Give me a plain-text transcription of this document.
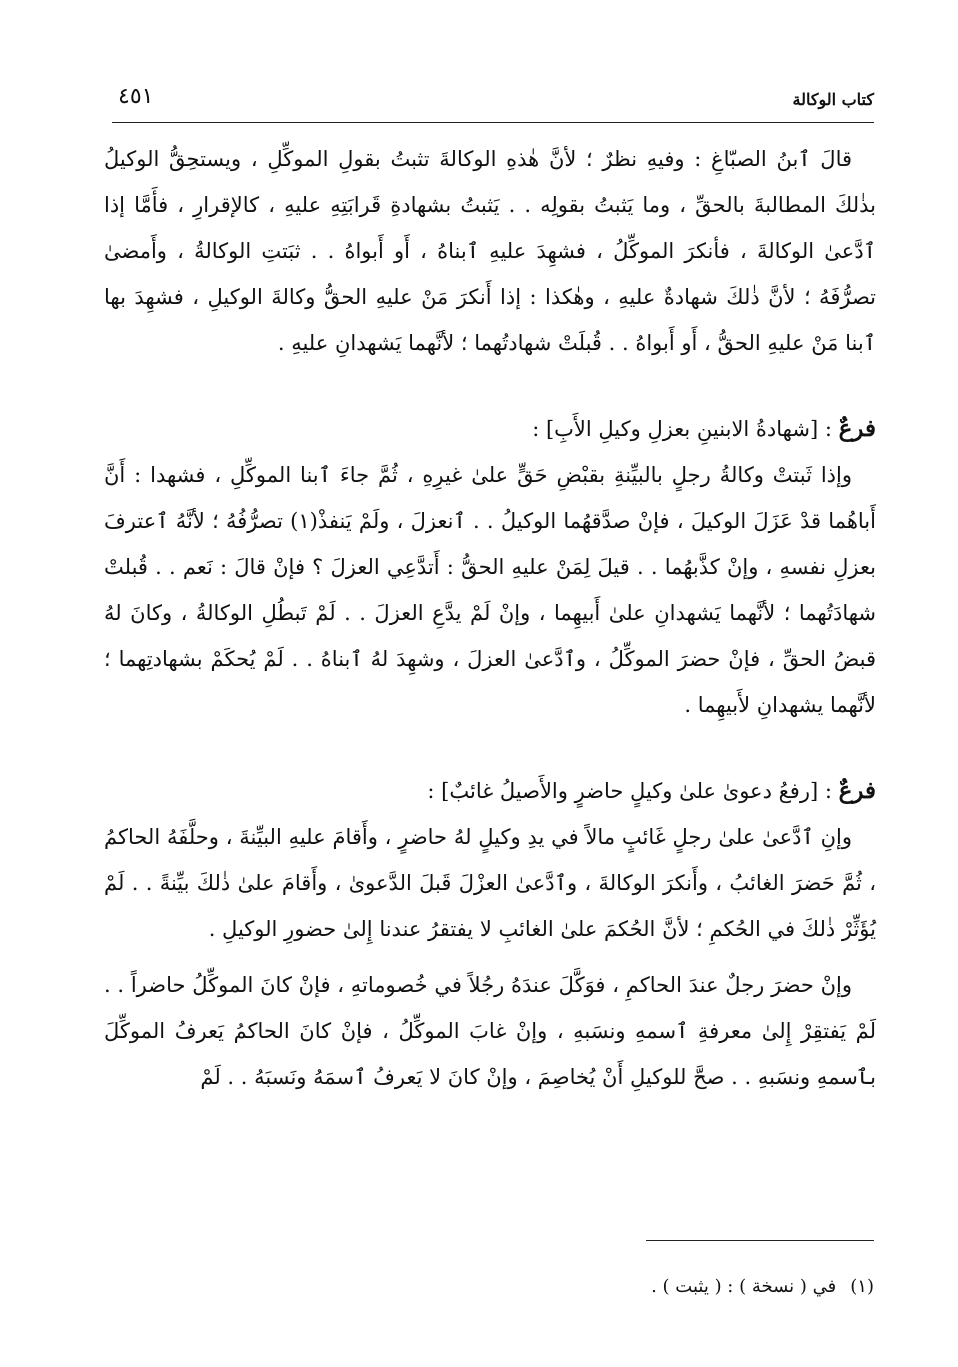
كتاب الوكالة
٤٥١

قالَ ٱبنُ الصبّاغِ : وفيهِ نظرٌ ؛ لأنَّ هٰذهِ الوكالةَ تثبتُ بقولِ الموكِّلِ ، ويستحِقُّ الوكيلُ بذٰلكَ المطالبةَ بالحقِّ ، وما يَثبتُ بقولِه . . يَثبتُ بشهادةِ قَرابَتِهِ عليهِ ، كالإقرارِ ، فأَمَّا إذا ٱدَّعىٰ الوكالةَ ، فأنكرَ الموكِّلُ ، فشهِدَ عليهِ ٱبناهُ ، أَو أَبواهُ . . ثبَتتِ الوكالةُ ، وأَمضىٰ تصرُّفَهُ ؛ لأنَّ ذٰلكَ شهادةٌ عليهِ ، وهٰكذا : إذا أَنكرَ مَنْ عليهِ الحقُّ وكالةَ الوكيلِ ، فشهِدَ بها ٱبنا مَنْ عليهِ الحقُّ ، أَو أَبواهُ . . قُبلَتْ شهادتُهما ؛ لأنَّهما يَشهدانِ عليهِ .

فرعٌ : [شهادةُ الابنينِ بعزلِ وكيلِ الأَبِ] :

وإذا ثَبتتْ وكالةُ رجلٍ بالبيِّنةِ بقبْضِ حَقٍّ علىٰ غيرِهِ ، ثُمَّ جاءَ ٱبنا الموكِّلِ ، فشهدا : أَنَّ أَباهُما قدْ عَزَلَ الوكيلَ ، فإنْ صدَّقهُما الوكيلُ . . ٱنعزلَ ، ولَمْ يَنفذْ(١) تصرُّفُهُ ؛ لأنَّهُ ٱعترفَ بعزلِ نفسهِ ، وإنْ كذَّبهُما . . قيلَ لِمَنْ عليهِ الحقُّ : أَتدَّعِي العزلَ ؟ فإنْ قالَ : نَعم . . قُبلتْ شهادَتُهما ؛ لأنَّهما يَشهدانِ علىٰ أَبيهِما ، وإنْ لَمْ يدَّعِ العزلَ . . لَمْ تَبطُلِ الوكالةُ ، وكانَ لهُ قبضُ الحقِّ ، فإنْ حضرَ الموكِّلُ ، وٱدَّعىٰ العزلَ ، وشهِدَ لهُ ٱبناهُ . . لَمْ يُحكَمْ بشهادتِهما ؛ لأنَّهما يشهدانِ لأَبيهِما .

فرعٌ : [رفعُ دعوىٰ علىٰ وكيلٍ حاضرٍ والأَصيلُ غائبٌ] :

وإنِ ٱدَّعىٰ علىٰ رجلٍ غَائبٍ مالاً في يدِ وكيلٍ لهُ حاضرٍ ، وأَقامَ عليهِ البيِّنةَ ، وحلَّفَهُ الحاكمُ ، ثُمَّ حَضرَ الغائبُ ، وأَنكرَ الوكالةَ ، وٱدَّعىٰ العزْلَ قَبلَ الدَّعوىٰ ، وأَقامَ علىٰ ذٰلكَ بيِّنةً . . لَمْ يُؤَثِّرْ ذٰلكَ في الحُكمِ ؛ لأنَّ الحُكمَ علىٰ الغائبِ لا يفتقرُ عندنا إِلىٰ حضورِ الوكيلِ .

وإنْ حضرَ رجلٌ عندَ الحاكمِ ، فوَكَّلَ عندَهُ رجُلاً في خُصوماتهِ ، فإنْ كانَ الموكِّلُ حاضراً . . لَمْ يَفتقِرْ إِلىٰ معرفةِ ٱسمهِ ونسَبهِ ، وإنْ غابَ الموكِّلُ ، فإنْ كانَ الحاكمُ يَعرفُ الموكِّلَ بٱسمهِ ونسَبهِ . . صحَّ للوكيلِ أَنْ يُخاصِمَ ، وإنْ كانَ لا يَعرفُ ٱسمَهُ ونَسبَهُ . . لَمْ

(١)في ( نسخة ) : ( يثبت ) .
